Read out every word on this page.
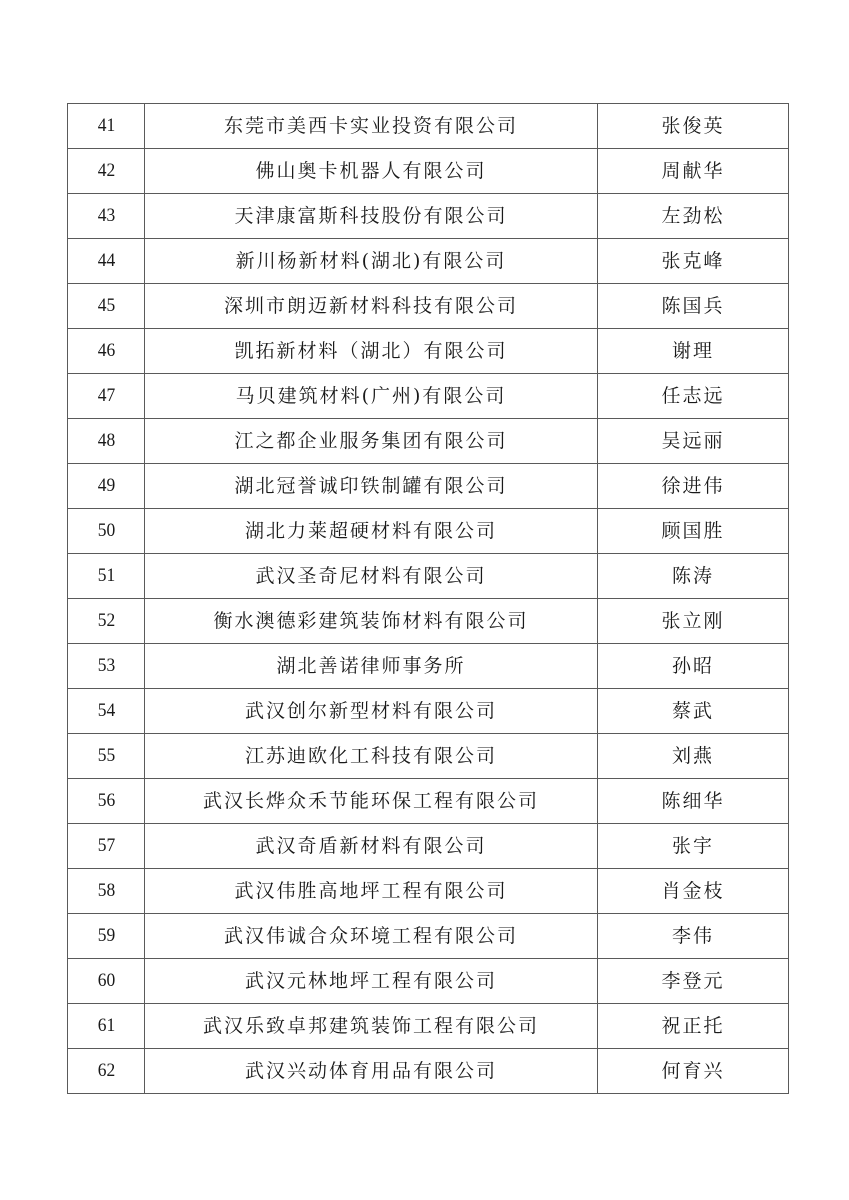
41	东莞市美西卡实业投资有限公司	张俊英
42	佛山奥卡机器人有限公司	周献华
43	天津康富斯科技股份有限公司	左劲松
44	新川杨新材料(湖北)有限公司	张克峰
45	深圳市朗迈新材料科技有限公司	陈国兵
46	凯拓新材料（湖北）有限公司	谢理
47	马贝建筑材料(广州)有限公司	任志远
48	江之都企业服务集团有限公司	吴远丽
49	湖北冠誉诚印铁制罐有限公司	徐进伟
50	湖北力莱超硬材料有限公司	顾国胜
51	武汉圣奇尼材料有限公司	陈涛
52	衡水澳德彩建筑装饰材料有限公司	张立刚
53	湖北善诺律师事务所	孙昭
54	武汉创尔新型材料有限公司	蔡武
55	江苏迪欧化工科技有限公司	刘燕
56	武汉长烨众禾节能环保工程有限公司	陈细华
57	武汉奇盾新材料有限公司	张宇
58	武汉伟胜高地坪工程有限公司	肖金枝
59	武汉伟诚合众环境工程有限公司	李伟
60	武汉元林地坪工程有限公司	李登元
61	武汉乐致卓邦建筑装饰工程有限公司	祝正托
62	武汉兴动体育用品有限公司	何育兴
